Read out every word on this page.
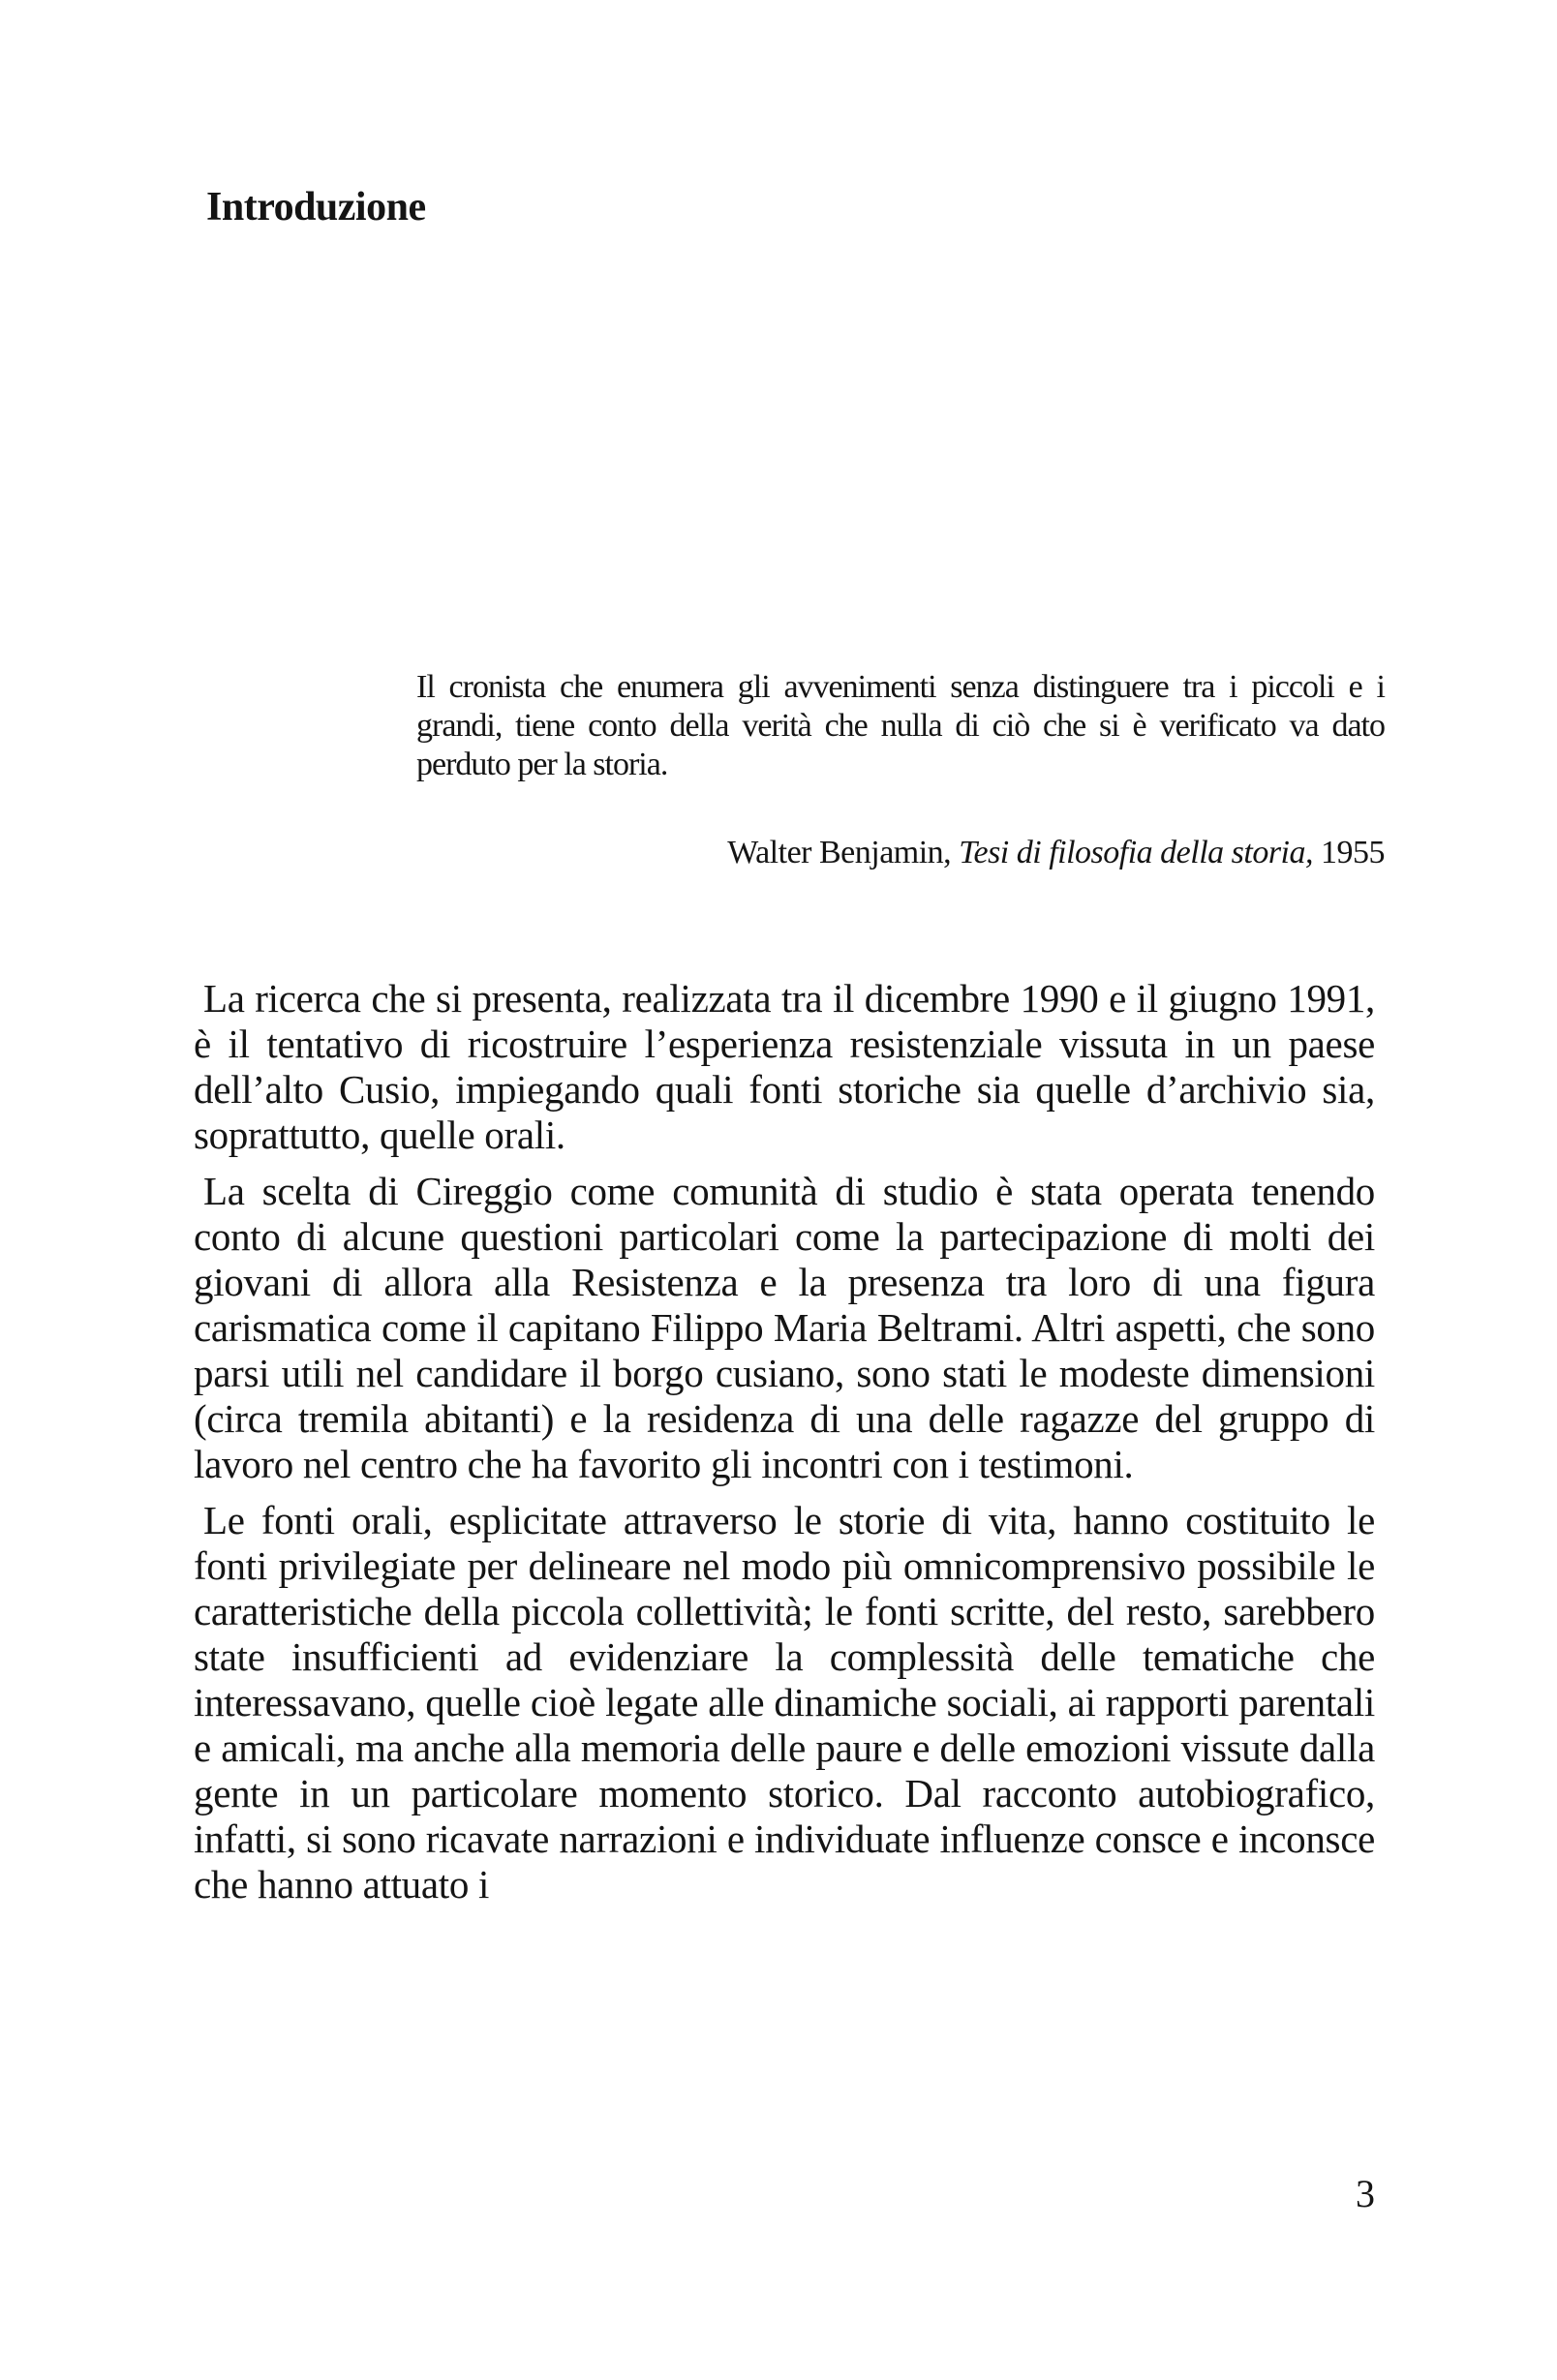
Introduzione

Il cronista che enumera gli avvenimenti senza distinguere tra i piccoli e i grandi, tiene conto della verità che nulla di ciò che si è verificato va dato perduto per la storia.

Walter Benjamin, Tesi di filosofia della storia, 1955

La ricerca che si presenta, realizzata tra il dicembre 1990 e il giugno 1991, è il tentativo di ricostruire l’esperienza resistenziale vissuta in un paese dell’alto Cusio, impiegando quali fonti storiche sia quelle d’archivio sia, soprattutto, quelle orali.

La scelta di Cireggio come comunità di studio è stata operata tenendo conto di alcune questioni particolari come la partecipazione di molti dei giovani di allora alla Resistenza e la presenza tra loro di una figura carismatica come il capitano Filippo Maria Beltrami. Altri aspetti, che sono parsi utili nel candidare il borgo cusiano, sono stati le modeste dimensioni (circa tremila abitanti) e la residenza di una delle ragazze del gruppo di lavoro nel centro che ha favorito gli incontri con i testimoni.

Le fonti orali, esplicitate attraverso le storie di vita, hanno costituito le fonti privilegiate per delineare nel modo più omnicomprensivo possibile le caratteristiche della piccola collettività; le fonti scritte, del resto, sarebbero state insufficienti ad evidenziare la complessità delle tematiche che interessavano, quelle cioè legate alle dinamiche sociali, ai rapporti parentali e amicali, ma anche alla memoria delle paure e delle emozioni vissute dalla gente in un particolare momento storico. Dal racconto autobiografico, infatti, si sono ricavate narrazioni e individuate influenze consce e inconsce che hanno attuato i

3
